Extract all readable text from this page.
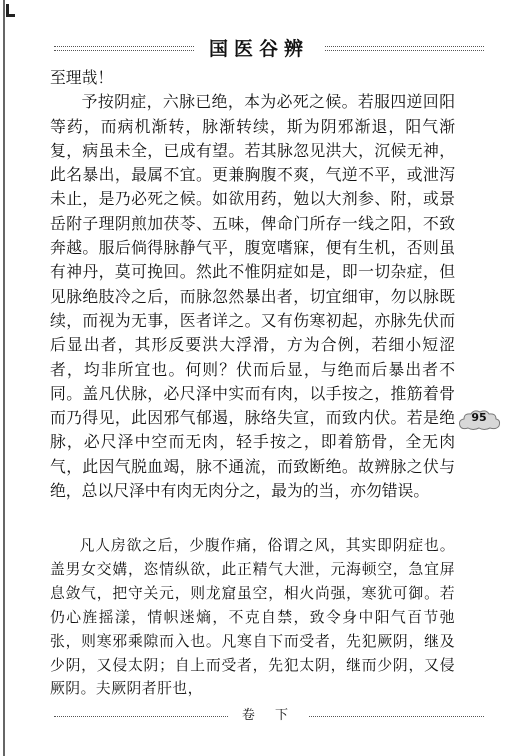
国医谷辨

至理哉！

予按阴症，六脉已绝，本为必死之候。若服四逆回阳等药，而病机渐转，脉渐转续，斯为阴邪渐退，阳气渐复，病虽未全，已成有望。若其脉忽见洪大，沉候无神，此名暴出，最属不宜。更兼胸腹不爽，气逆不平，或泄泻未止，是乃必死之候。如欲用药，勉以大剂参、附，或景岳附子理阴煎加茯苓、五味，俾命门所存一线之阳，不致奔越。服后倘得脉静气平，腹宽嗜寐，便有生机，否则虽有神丹，莫可挽回。然此不惟阴症如是，即一切杂症，但见脉绝肢冷之后，而脉忽然暴出者，切宜细审，勿以脉既续，而视为无事，医者详之。又有伤寒初起，亦脉先伏而后显出者，其形反要洪大浮滑，方为合例，若细小短涩者，均非所宜也。何则？伏而后显，与绝而后暴出者不同。盖凡伏脉，必尺泽中实而有肉，以手按之，推筋着骨而乃得见，此因邪气郁遏，脉络失宣，而致内伏。若是绝脉，必尺泽中空而无肉，轻手按之，即着筋骨，全无肉气，此因气脱血竭，脉不通流，而致断绝。故辨脉之伏与绝，总以尺泽中有肉无肉分之，最为的当，亦勿错误。

凡人房欲之后，少腹作痛，俗谓之风，其实即阴症也。盖男女交媾，恣情纵欲，此正精气大泄，元海顿空，急宜屏息敛气，把守关元，则龙窟虽空，相火尚强，寒犹可御。若仍心旌摇漾，情帜迷熵，不克自禁，致令身中阳气百节弛张，则寒邪乘隙而入也。凡寒自下而受者，先犯厥阴，继及少阴，又侵太阴；自上而受者，先犯太阴，继而少阴，又侵厥阴。夫厥阴者肝也，

95
卷 下
